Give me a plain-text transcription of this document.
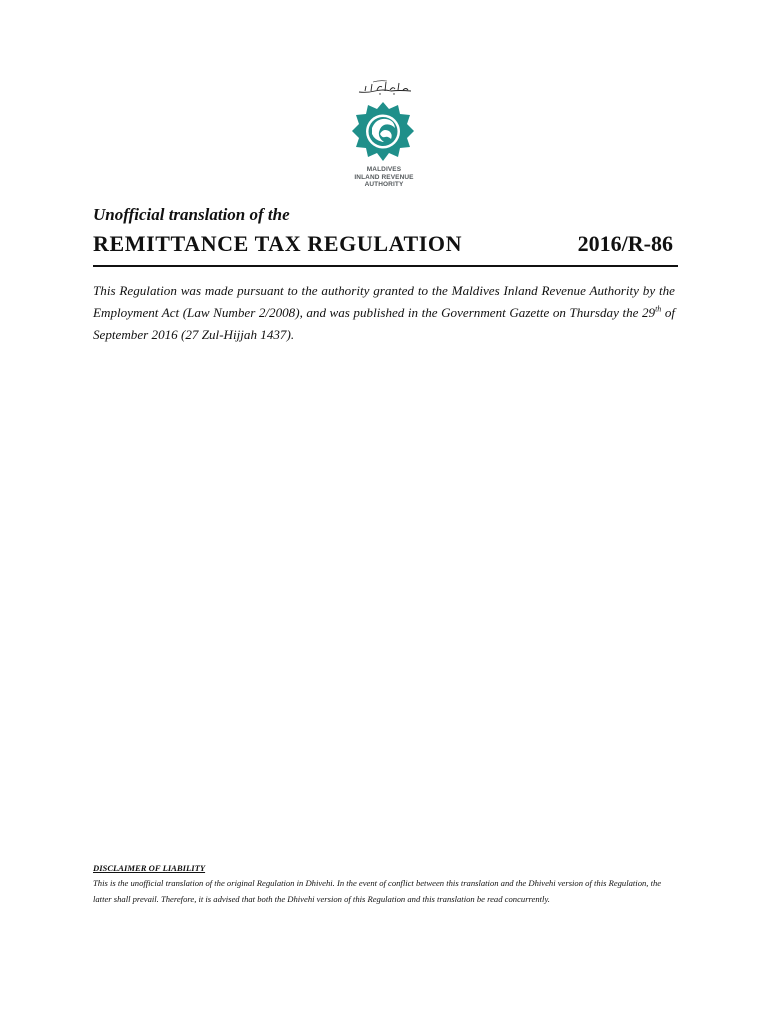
MALDIVES
INLAND REVENUE
AUTHORITY
Unofficial translation of the
REMITTANCE TAX REGULATION	2016/R-86

This Regulation was made pursuant to the authority granted to the Maldives Inland Revenue Authority by the Employment Act (Law Number 2/2008), and was published in the Government Gazette on Thursday the 29th of September 2016 (27 Zul-Hijjah 1437).

DISCLAIMER OF LIABILITY
This is the unofficial translation of the original Regulation in Dhivehi. In the event of conflict between this translation and the Dhivehi version of this Regulation, the latter shall prevail. Therefore, it is advised that both the Dhivehi version of this Regulation and this translation be read concurrently.
